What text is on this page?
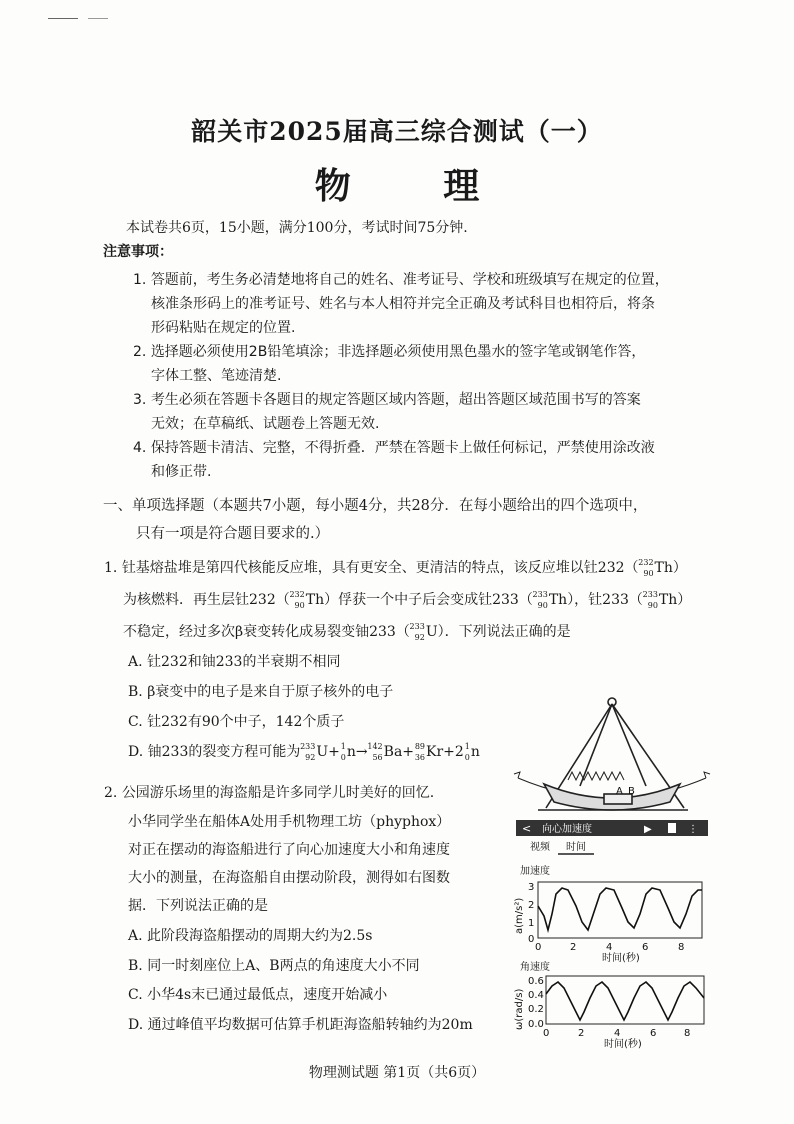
韶关市2025届高三综合测试（一）
物 理
本试卷共6页，15小题，满分100分，考试时间75分钟.
注意事项：
1. 答题前，考生务必清楚地将自己的姓名、准考证号、学校和班级填写在规定的位置，
核准条形码上的准考证号、姓名与本人相符并完全正确及考试科目也相符后，将条
形码粘贴在规定的位置.
2. 选择题必须使用2B铅笔填涂；非选择题必须使用黑色墨水的签字笔或钢笔作答，
字体工整、笔迹清楚.
3. 考生必须在答题卡各题目的规定答题区域内答题，超出答题区域范围书写的答案
无效；在草稿纸、试题卷上答题无效.
4. 保持答题卡清洁、完整，不得折叠．严禁在答题卡上做任何标记，严禁使用涂改液
和修正带.
一、单项选择题（本题共7小题，每小题4分，共28分．在每小题给出的四个选项中，
只有一项是符合题目要求的.）
1. 钍基熔盐堆是第四代核能反应堆，具有更安全、更清洁的特点，该反应堆以钍232（ 232
90 Th）
为核燃料．再生层钍232（ 232
90 Th）俘获一个中子后会变成钍233（ 233
90 Th），钍233（ 233
90 Th）
不稳定，经过多次β衰变转化成易裂变铀233（ 233
92 U）．下列说法正确的是
A. 钍232和铀233的半衰期不相同
B. β衰变中的电子是来自于原子核外的电子
C. 钍232有90个中子，142个质子
D. 铀233的裂变方程可能为 233
92 U+ 1
0 n→ 142
56 Ba+ 89
36 Kr+2 1
0 n
2. 公园游乐场里的海盗船是许多同学儿时美好的回忆.
小华同学坐在船体A处用手机物理工坊（phyphox）
对正在摆动的海盗船进行了向心加速度大小和角速度
大小的测量，在海盗船自由摆动阶段，测得如右图数
据．下列说法正确的是
A. 此阶段海盗船摆动的周期大约为2.5s
B. 同一时刻座位上A、B两点的角速度大小不同
C. 小华4s末已通过最低点，速度开始减小
D. 通过峰值平均数据可估算手机距海盗船转轴约为20m
A B
< 向心加速度	▶	⋮
视频 时间
加速度
a(m/s²)
3
2
1
0
0	2	4	6	8
时间(秒)
角速度
ω(rad/s)
0.6
0.4
0.2
0.0
0	2	4	6	8
时间(秒)
物理测试题 第1页（共6页）
